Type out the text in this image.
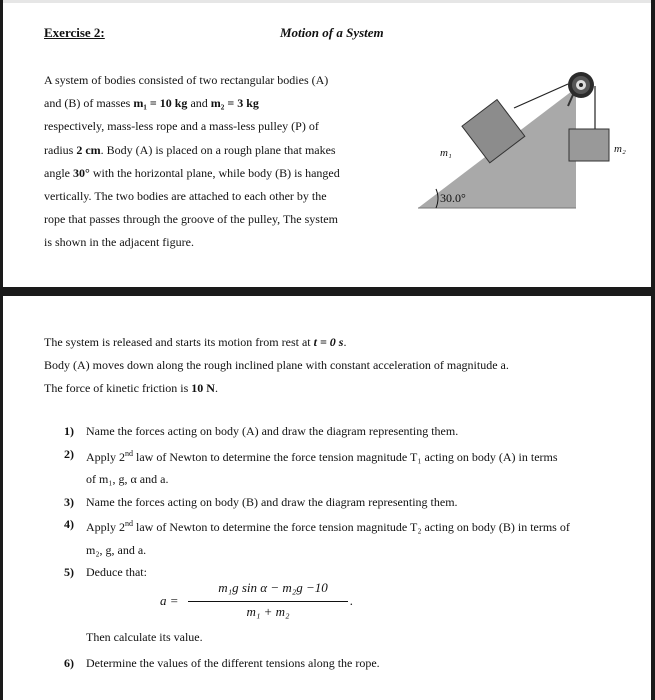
Exercise 2:	Motion of a System

A system of bodies consisted of two rectangular bodies (A)

and (B) of masses m₁ = 10 kg and m₂ = 3 kg

respectively, mass-less rope and a mass-less pulley (P) of

radius 2 cm. Body (A) is placed on a rough plane that makes

angle 30° with the horizontal plane, while body (B) is hanged

vertically. The two bodies are attached to each other by the

rope that passes through the groove of the pulley, The system

is shown in the adjacent figure.

m₁	m₂
30.0°

The system is released and starts its motion from rest at t = 0 s.

Body (A) moves down along the rough inclined plane with constant acceleration of magnitude a.

The force of kinetic friction is 10 N.

1)	Name the forces acting on body (A) and draw the diagram representing them.
2)	Apply 2nd law of Newton to determine the force tension magnitude T₁ acting on body (A) in terms
of m₁, g, α and a.
3)	Name the forces acting on body (B) and draw the diagram representing them.
4)	Apply 2nd law of Newton to determine the force tension magnitude T₂ acting on body (B) in terms of
m₂, g, and a.
5)	Deduce that:
a =
m₁g sin α − m₂g −10
m₁ + m₂
.
Then calculate its value.
6)	Determine the values of the different tensions along the rope.
